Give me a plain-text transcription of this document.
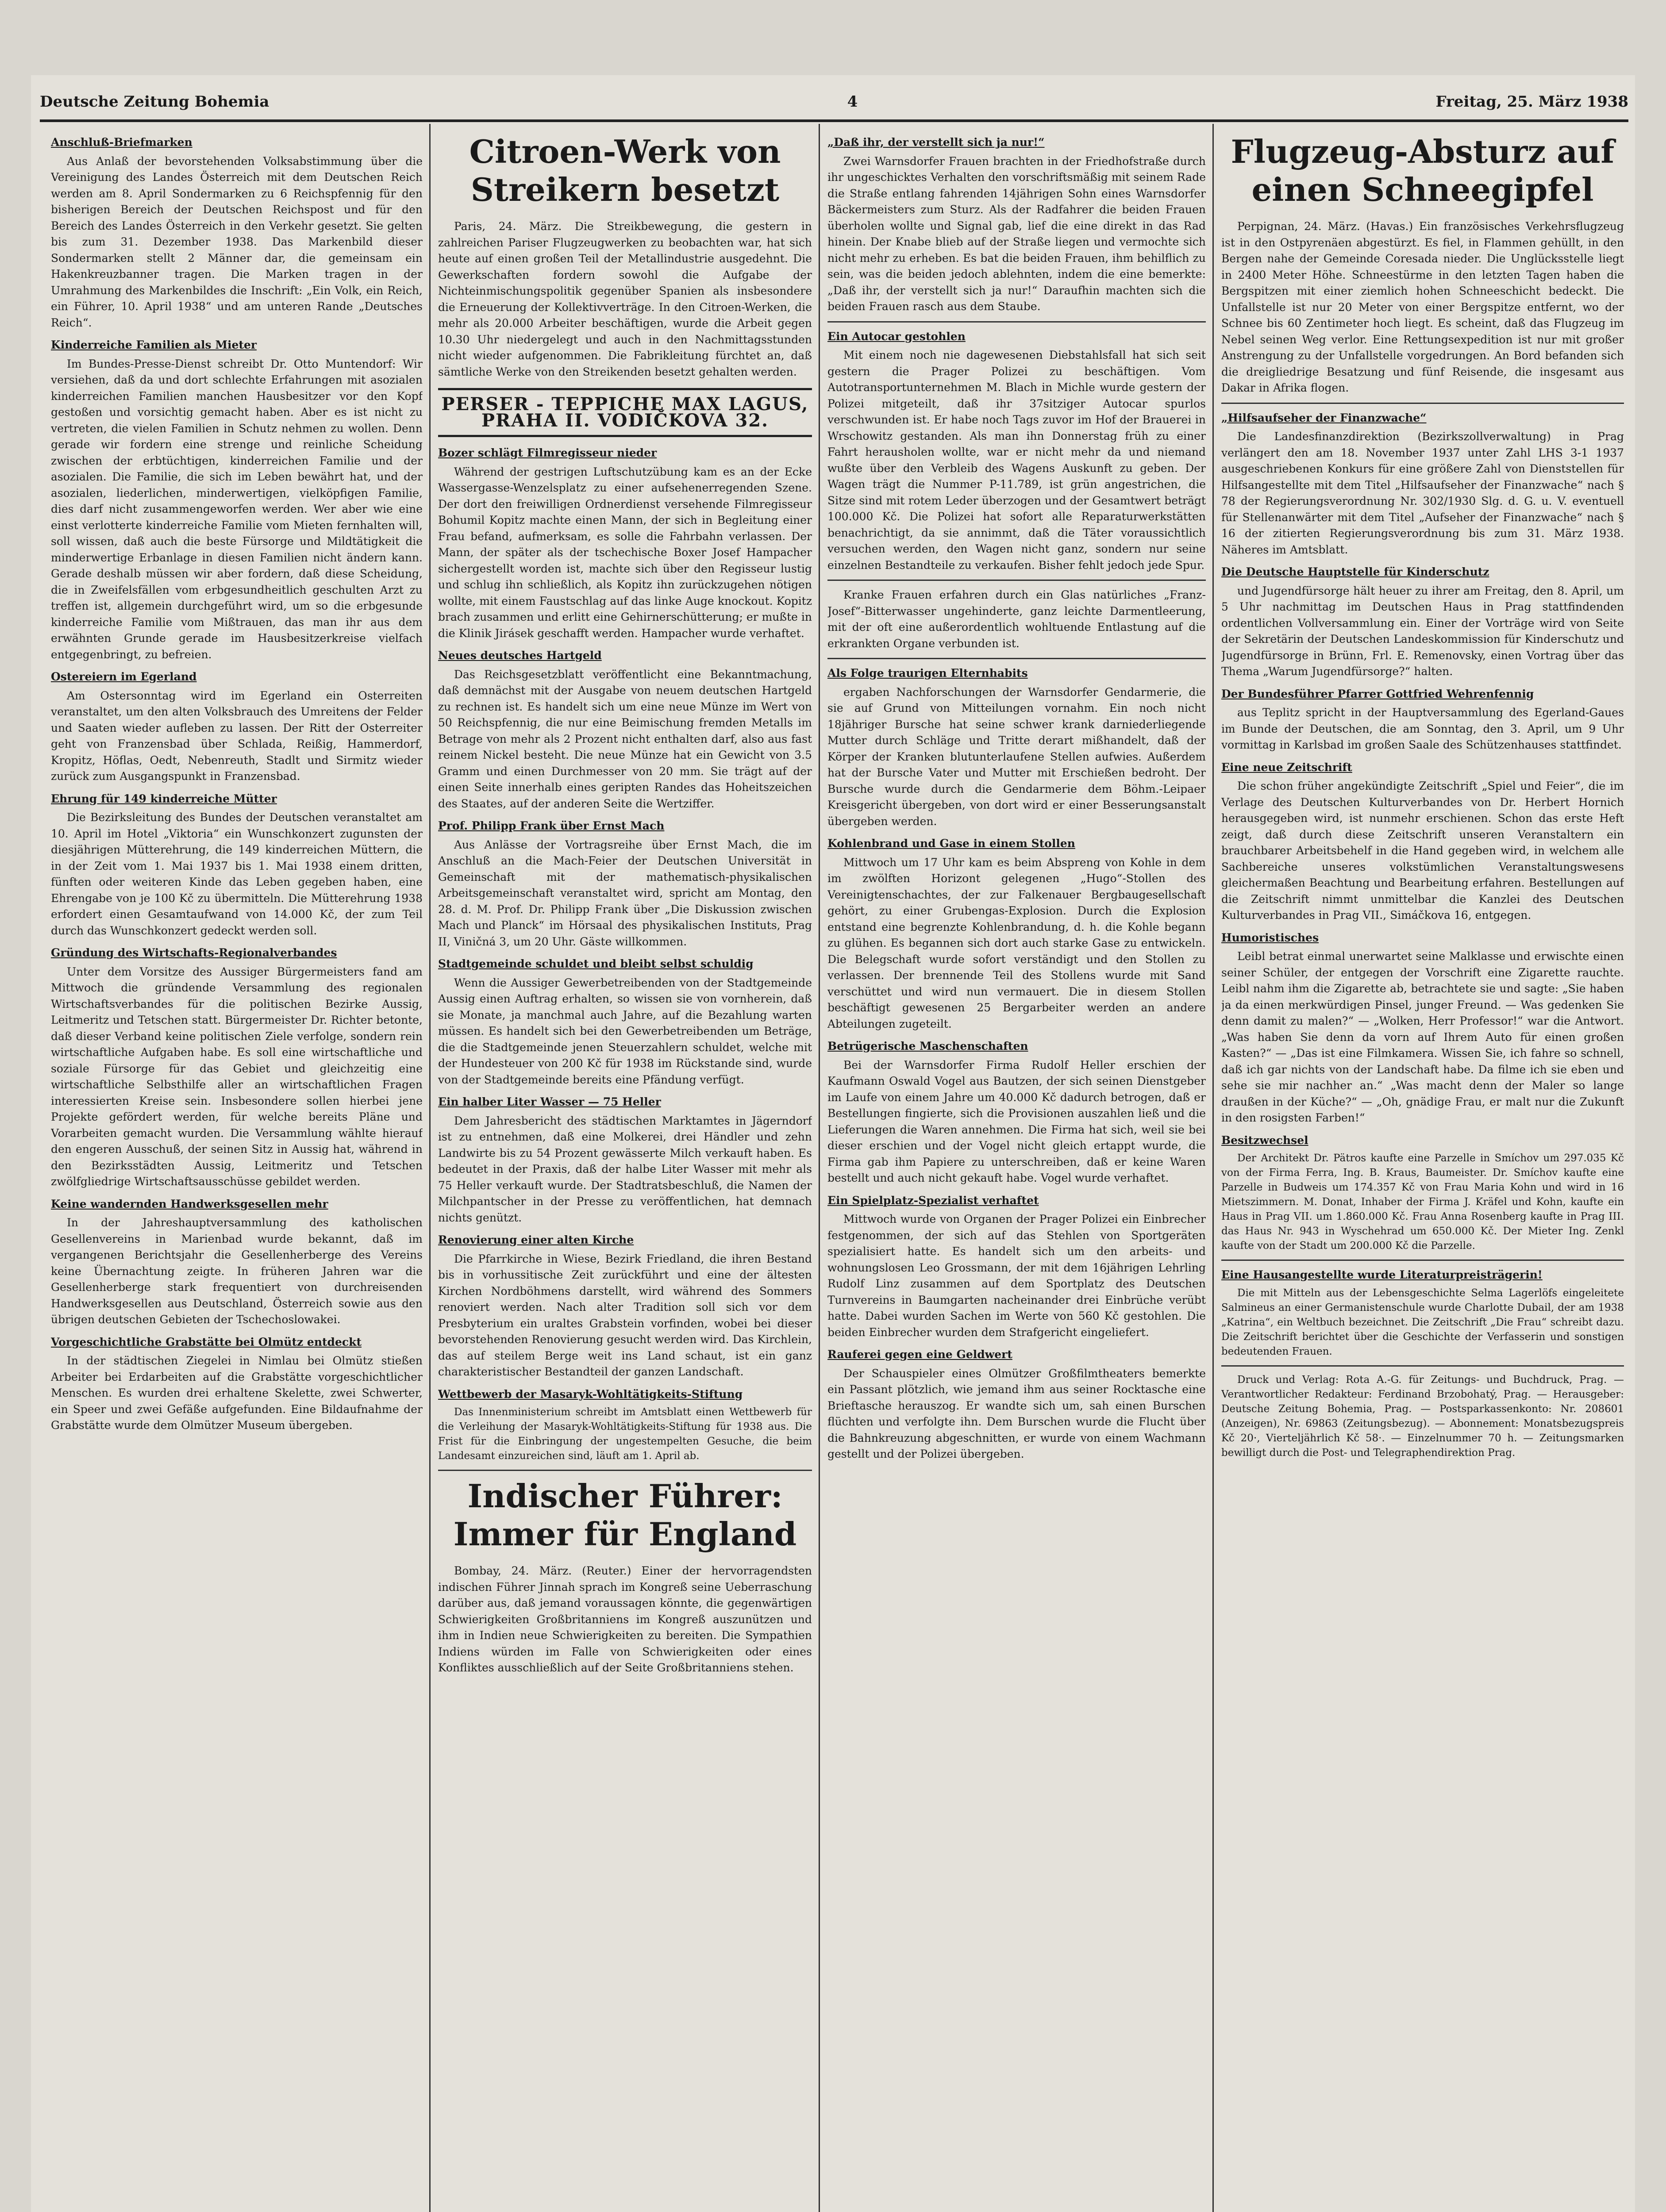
Deutsche Zeitung Bohemia	4	Freitag, 25. März 1938
Anschluß-Briefmarken

Aus Anlaß der bevorstehenden Volksabstimmung über die Vereinigung des Landes Österreich mit dem Deutschen Reich werden am 8. April Sondermarken zu 6 Reichspfennig für den bisherigen Bereich der Deutschen Reichspost und für den Bereich des Landes Österreich in den Verkehr gesetzt. Sie gelten bis zum 31. Dezember 1938. Das Markenbild dieser Sondermarken stellt 2 Männer dar, die gemeinsam ein Hakenkreuzbanner tragen. Die Marken tragen in der Umrahmung des Markenbildes die Inschrift: „Ein Volk, ein Reich, ein Führer, 10. April 1938“ und am unteren Rande „Deutsches Reich“.

Kinderreiche Familien als Mieter

Im Bundes-Presse-Dienst schreibt Dr. Otto Muntendorf: Wir versiehen, daß da und dort schlechte Erfahrungen mit asozialen kinderreichen Familien manchen Hausbesitzer vor den Kopf gestoßen und vorsichtig gemacht haben. Aber es ist nicht zu vertreten, die vielen Familien in Schutz nehmen zu wollen. Denn gerade wir fordern eine strenge und reinliche Scheidung zwischen der erbtüchtigen, kinderreichen Familie und der asozialen. Die Familie, die sich im Leben bewährt hat, und der asozialen, liederlichen, minderwertigen, vielköpfigen Familie, dies darf nicht zusammengeworfen werden. Wer aber wie eine einst verlotterte kinderreiche Familie vom Mieten fernhalten will, soll wissen, daß auch die beste Fürsorge und Mildtätigkeit die minderwertige Erbanlage in diesen Familien nicht ändern kann. Gerade deshalb müssen wir aber fordern, daß diese Scheidung, die in Zweifelsfällen vom erbgesundheitlich geschulten Arzt zu treffen ist, allgemein durchgeführt wird, um so die erbgesunde kinderreiche Familie vom Mißtrauen, das man ihr aus dem erwähnten Grunde gerade im Hausbesitzerkreise vielfach entgegenbringt, zu befreien.

Ostereiern im Egerland

Am Ostersonntag wird im Egerland ein Osterreiten veranstaltet, um den alten Volksbrauch des Umreitens der Felder und Saaten wieder aufleben zu lassen. Der Ritt der Osterreiter geht von Franzensbad über Schlada, Reißig, Hammerdorf, Kropitz, Höflas, Oedt, Nebenreuth, Stadlt und Sirmitz wieder zurück zum Ausgangspunkt in Franzensbad.

Ehrung für 149 kinderreiche Mütter

Die Bezirksleitung des Bundes der Deutschen veranstaltet am 10. April im Hotel „Viktoria“ ein Wunschkonzert zugunsten der diesjährigen Mütterehrung, die 149 kinderreichen Müttern, die in der Zeit vom 1. Mai 1937 bis 1. Mai 1938 einem dritten, fünften oder weiteren Kinde das Leben gegeben haben, eine Ehrengabe von je 100 Kč zu übermitteln. Die Mütterehrung 1938 erfordert einen Gesamtaufwand von 14.000 Kč, der zum Teil durch das Wunschkonzert gedeckt werden soll.

Gründung des Wirtschafts-Regionalverbandes

Unter dem Vorsitze des Aussiger Bürgermeisters fand am Mittwoch die gründende Versammlung des regionalen Wirtschaftsverbandes für die politischen Bezirke Aussig, Leitmeritz und Tetschen statt. Bürgermeister Dr. Richter betonte, daß dieser Verband keine politischen Ziele verfolge, sondern rein wirtschaftliche Aufgaben habe. Es soll eine wirtschaftliche und soziale Fürsorge für das Gebiet und gleichzeitig eine wirtschaftliche Selbsthilfe aller an wirtschaftlichen Fragen interessierten Kreise sein. Insbesondere sollen hierbei jene Projekte gefördert werden, für welche bereits Pläne und Vorarbeiten gemacht wurden. Die Versammlung wählte hierauf den engeren Ausschuß, der seinen Sitz in Aussig hat, während in den Bezirksstädten Aussig, Leitmeritz und Tetschen zwölfgliedrige Wirtschaftsausschüsse gebildet werden.

Keine wandernden Handwerksgesellen mehr

In der Jahreshauptversammlung des katholischen Gesellenvereins in Marienbad wurde bekannt, daß im vergangenen Berichtsjahr die Gesellenherberge des Vereins keine Übernachtung zeigte. In früheren Jahren war die Gesellenherberge stark frequentiert von durchreisenden Handwerksgesellen aus Deutschland, Österreich sowie aus den übrigen deutschen Gebieten der Tschechoslowakei.

Vorgeschichtliche Grabstätte bei Olmütz entdeckt

In der städtischen Ziegelei in Nimlau bei Olmütz stießen Arbeiter bei Erdarbeiten auf die Grabstätte vorgeschichtlicher Menschen. Es wurden drei erhaltene Skelette, zwei Schwerter, ein Speer und zwei Gefäße aufgefunden. Eine Bildaufnahme der Grabstätte wurde dem Olmützer Museum übergeben.

Citroen-Werk von Streikern besetzt

Paris, 24. März. Die Streikbewegung, die gestern in zahlreichen Pariser Flugzeugwerken zu beobachten war, hat sich heute auf einen großen Teil der Metallindustrie ausgedehnt. Die Gewerkschaften fordern sowohl die Aufgabe der Nichteinmischungspolitik gegenüber Spanien als insbesondere die Erneuerung der Kollektivverträge. In den Citroen-Werken, die mehr als 20.000 Arbeiter beschäftigen, wurde die Arbeit gegen 10.30 Uhr niedergelegt und auch in den Nachmittagsstunden nicht wieder aufgenommen. Die Fabrikleitung fürchtet an, daß sämtliche Werke von den Streikenden besetzt gehalten werden.

PERSER - TEPPICHE MAX LAGUS, PRAHA II. VODIČKOVA 32.
Bozer schlägt Filmregisseur nieder

Während der gestrigen Luftschutzübung kam es an der Ecke Wassergasse-Wenzelsplatz zu einer aufsehenerregenden Szene. Der dort den freiwilligen Ordnerdienst versehende Filmregisseur Bohumil Kopitz machte einen Mann, der sich in Begleitung einer Frau befand, aufmerksam, es solle die Fahrbahn verlassen. Der Mann, der später als der tschechische Boxer Josef Hampacher sichergestellt worden ist, machte sich über den Regisseur lustig und schlug ihn schließlich, als Kopitz ihn zurückzugehen nötigen wollte, mit einem Faustschlag auf das linke Auge knockout. Kopitz brach zusammen und erlitt eine Gehirnerschütterung; er mußte in die Klinik Jirásek geschafft werden. Hampacher wurde verhaftet.

Neues deutsches Hartgeld

Das Reichsgesetzblatt veröffentlicht eine Bekanntmachung, daß demnächst mit der Ausgabe von neuem deutschen Hartgeld zu rechnen ist. Es handelt sich um eine neue Münze im Wert von 50 Reichspfennig, die nur eine Beimischung fremden Metalls im Betrage von mehr als 2 Prozent nicht enthalten darf, also aus fast reinem Nickel besteht. Die neue Münze hat ein Gewicht von 3.5 Gramm und einen Durchmesser von 20 mm. Sie trägt auf der einen Seite innerhalb eines geripten Randes das Hoheitszeichen des Staates, auf der anderen Seite die Wertziffer.

Prof. Philipp Frank über Ernst Mach

Aus Anlässe der Vortragsreihe über Ernst Mach, die im Anschluß an die Mach-Feier der Deutschen Universität in Gemeinschaft mit der mathematisch-physikalischen Arbeitsgemeinschaft veranstaltet wird, spricht am Montag, den 28. d. M. Prof. Dr. Philipp Frank über „Die Diskussion zwischen Mach und Planck“ im Hörsaal des physikalischen Instituts, Prag II, Viničná 3, um 20 Uhr. Gäste willkommen.

Stadtgemeinde schuldet und bleibt selbst schuldig

Wenn die Aussiger Gewerbetreibenden von der Stadtgemeinde Aussig einen Auftrag erhalten, so wissen sie von vornherein, daß sie Monate, ja manchmal auch Jahre, auf die Bezahlung warten müssen. Es handelt sich bei den Gewerbetreibenden um Beträge, die die Stadtgemeinde jenen Steuerzahlern schuldet, welche mit der Hundesteuer von 200 Kč für 1938 im Rückstande sind, wurde von der Stadtgemeinde bereits eine Pfändung verfügt.

Ein halber Liter Wasser — 75 Heller

Dem Jahresbericht des städtischen Marktamtes in Jägerndorf ist zu entnehmen, daß eine Molkerei, drei Händler und zehn Landwirte bis zu 54 Prozent gewässerte Milch verkauft haben. Es bedeutet in der Praxis, daß der halbe Liter Wasser mit mehr als 75 Heller verkauft wurde. Der Stadtratsbeschluß, die Namen der Milchpantscher in der Presse zu veröffentlichen, hat demnach nichts genützt.

Renovierung einer alten Kirche

Die Pfarrkirche in Wiese, Bezirk Friedland, die ihren Bestand bis in vorhussitische Zeit zurückführt und eine der ältesten Kirchen Nordböhmens darstellt, wird während des Sommers renoviert werden. Nach alter Tradition soll sich vor dem Presbyterium ein uraltes Grabstein vorfinden, wobei bei dieser bevorstehenden Renovierung gesucht werden wird. Das Kirchlein, das auf steilem Berge weit ins Land schaut, ist ein ganz charakteristischer Bestandteil der ganzen Landschaft.

Wettbewerb der Masaryk-Wohltätigkeits-Stiftung

Das Innenministerium schreibt im Amtsblatt einen Wettbewerb für die Verleihung der Masaryk-Wohltätigkeits-Stiftung für 1938 aus. Die Frist für die Einbringung der ungestempelten Gesuche, die beim Landesamt einzureichen sind, läuft am 1. April ab.

Indischer Führer: Immer für England

Bombay, 24. März. (Reuter.) Einer der hervorragendsten indischen Führer Jinnah sprach im Kongreß seine Ueberraschung darüber aus, daß jemand voraussagen könnte, die gegenwärtigen Schwierigkeiten Großbritanniens im Kongreß auszunützen und ihm in Indien neue Schwierigkeiten zu bereiten. Die Sympathien Indiens würden im Falle von Schwierigkeiten oder eines Konfliktes ausschließlich auf der Seite Großbritanniens stehen.

„Daß ihr, der verstellt sich ja nur!“

Zwei Warnsdorfer Frauen brachten in der Friedhofstraße durch ihr ungeschicktes Verhalten den vorschriftsmäßig mit seinem Rade die Straße entlang fahrenden 14jährigen Sohn eines Warnsdorfer Bäckermeisters zum Sturz. Als der Radfahrer die beiden Frauen überholen wollte und Signal gab, lief die eine direkt in das Rad hinein. Der Knabe blieb auf der Straße liegen und vermochte sich nicht mehr zu erheben. Es bat die beiden Frauen, ihm behilflich zu sein, was die beiden jedoch ablehnten, indem die eine bemerkte: „Daß ihr, der verstellt sich ja nur!“ Daraufhin machten sich die beiden Frauen rasch aus dem Staube.

Ein Autocar gestohlen

Mit einem noch nie dagewesenen Diebstahlsfall hat sich seit gestern die Prager Polizei zu beschäftigen. Vom Autotransportunternehmen M. Blach in Michle wurde gestern der Polizei mitgeteilt, daß ihr 37sitziger Autocar spurlos verschwunden ist. Er habe noch Tags zuvor im Hof der Brauerei in Wrschowitz gestanden. Als man ihn Donnerstag früh zu einer Fahrt herausholen wollte, war er nicht mehr da und niemand wußte über den Verbleib des Wagens Auskunft zu geben. Der Wagen trägt die Nummer P-11.789, ist grün angestrichen, die Sitze sind mit rotem Leder überzogen und der Gesamtwert beträgt 100.000 Kč. Die Polizei hat sofort alle Reparaturwerkstätten benachrichtigt, da sie annimmt, daß die Täter voraussichtlich versuchen werden, den Wagen nicht ganz, sondern nur seine einzelnen Bestandteile zu verkaufen. Bisher fehlt jedoch jede Spur.

Kranke Frauen erfahren durch ein Glas natürliches „Franz-Josef“-Bitterwasser ungehinderte, ganz leichte Darmentleerung, mit der oft eine außerordentlich wohltuende Entlastung auf die erkrankten Organe verbunden ist.

Als Folge traurigen Elternhabits

ergaben Nachforschungen der Warnsdorfer Gendarmerie, die sie auf Grund von Mitteilungen vornahm. Ein noch nicht 18jähriger Bursche hat seine schwer krank darniederliegende Mutter durch Schläge und Tritte derart mißhandelt, daß der Körper der Kranken blutunterlaufene Stellen aufwies. Außerdem hat der Bursche Vater und Mutter mit Erschießen bedroht. Der Bursche wurde durch die Gendarmerie dem Böhm.-Leipaer Kreisgericht übergeben, von dort wird er einer Besserungsanstalt übergeben werden.

Kohlenbrand und Gase in einem Stollen

Mittwoch um 17 Uhr kam es beim Abspreng von Kohle in dem im zwölften Horizont gelegenen „Hugo“-Stollen des Vereinigtenschachtes, der zur Falkenauer Bergbaugesellschaft gehört, zu einer Grubengas-Explosion. Durch die Explosion entstand eine begrenzte Kohlenbrandung, d. h. die Kohle begann zu glühen. Es begannen sich dort auch starke Gase zu entwickeln. Die Belegschaft wurde sofort verständigt und den Stollen zu verlassen. Der brennende Teil des Stollens wurde mit Sand verschüttet und wird nun vermauert. Die in diesem Stollen beschäftigt gewesenen 25 Bergarbeiter werden an andere Abteilungen zugeteilt.

Betrügerische Maschenschaften

Bei der Warnsdorfer Firma Rudolf Heller erschien der Kaufmann Oswald Vogel aus Bautzen, der sich seinen Dienstgeber im Laufe von einem Jahre um 40.000 Kč dadurch betrogen, daß er Bestellungen fingierte, sich die Provisionen auszahlen ließ und die Lieferungen die Waren annehmen. Die Firma hat sich, weil sie bei dieser erschien und der Vogel nicht gleich ertappt wurde, die Firma gab ihm Papiere zu unterschreiben, daß er keine Waren bestellt und auch nicht gekauft habe. Vogel wurde verhaftet.

Ein Spielplatz-Spezialist verhaftet

Mittwoch wurde von Organen der Prager Polizei ein Einbrecher festgenommen, der sich auf das Stehlen von Sportgeräten spezialisiert hatte. Es handelt sich um den arbeits- und wohnungslosen Leo Grossmann, der mit dem 16jährigen Lehrling Rudolf Linz zusammen auf dem Sportplatz des Deutschen Turnvereins in Baumgarten nacheinander drei Einbrüche verübt hatte. Dabei wurden Sachen im Werte von 560 Kč gestohlen. Die beiden Einbrecher wurden dem Strafgericht eingeliefert.

Rauferei gegen eine Geldwert

Der Schauspieler eines Olmützer Großfilmtheaters bemerkte ein Passant plötzlich, wie jemand ihm aus seiner Rocktasche eine Brieftasche herauszog. Er wandte sich um, sah einen Burschen flüchten und verfolgte ihn. Dem Burschen wurde die Flucht über die Bahnkreuzung abgeschnitten, er wurde von einem Wachmann gestellt und der Polizei übergeben.

Flugzeug-Absturz auf einen Schneegipfel

Perpignan, 24. März. (Havas.) Ein französisches Verkehrsflugzeug ist in den Ostpyrenäen abgestürzt. Es fiel, in Flammen gehüllt, in den Bergen nahe der Gemeinde Coresada nieder. Die Unglücksstelle liegt in 2400 Meter Höhe. Schneestürme in den letzten Tagen haben die Bergspitzen mit einer ziemlich hohen Schneeschicht bedeckt. Die Unfallstelle ist nur 20 Meter von einer Bergspitze entfernt, wo der Schnee bis 60 Zentimeter hoch liegt. Es scheint, daß das Flugzeug im Nebel seinen Weg verlor. Eine Rettungsexpedition ist nur mit großer Anstrengung zu der Unfallstelle vorgedrungen. An Bord befanden sich die dreigliedrige Besatzung und fünf Reisende, die insgesamt aus Dakar in Afrika flogen.

„Hilfsaufseher der Finanzwache“

Die Landesfinanzdirektion (Bezirkszollverwaltung) in Prag verlängert den am 18. November 1937 unter Zahl LHS 3-1 1937 ausgeschriebenen Konkurs für eine größere Zahl von Dienststellen für Hilfsangestellte mit dem Titel „Hilfsaufseher der Finanzwache“ nach § 78 der Regierungsverordnung Nr. 302/1930 Slg. d. G. u. V. eventuell für Stellenanwärter mit dem Titel „Aufseher der Finanzwache“ nach § 16 der zitierten Regierungsverordnung bis zum 31. März 1938. Näheres im Amtsblatt.

Die Deutsche Hauptstelle für Kinderschutz

und Jugendfürsorge hält heuer zu ihrer am Freitag, den 8. April, um 5 Uhr nachmittag im Deutschen Haus in Prag stattfindenden ordentlichen Vollversammlung ein. Einer der Vorträge wird von Seite der Sekretärin der Deutschen Landeskommission für Kinderschutz und Jugendfürsorge in Brünn, Frl. E. Remenovsky, einen Vortrag über das Thema „Warum Jugendfürsorge?“ halten.

Der Bundesführer Pfarrer Gottfried Wehrenfennig

aus Teplitz spricht in der Hauptversammlung des Egerland-Gaues im Bunde der Deutschen, die am Sonntag, den 3. April, um 9 Uhr vormittag in Karlsbad im großen Saale des Schützenhauses stattfindet.

Eine neue Zeitschrift

Die schon früher angekündigte Zeitschrift „Spiel und Feier“, die im Verlage des Deutschen Kulturverbandes von Dr. Herbert Hornich herausgegeben wird, ist nunmehr erschienen. Schon das erste Heft zeigt, daß durch diese Zeitschrift unseren Veranstaltern ein brauchbarer Arbeitsbehelf in die Hand gegeben wird, in welchem alle Sachbereiche unseres volkstümlichen Veranstaltungswesens gleichermaßen Beachtung und Bearbeitung erfahren. Bestellungen auf die Zeitschrift nimmt unmittelbar die Kanzlei des Deutschen Kulturverbandes in Prag VII., Simáčkova 16, entgegen.

Humoristisches

Leibl betrat einmal unerwartet seine Malklasse und erwischte einen seiner Schüler, der entgegen der Vorschrift eine Zigarette rauchte. Leibl nahm ihm die Zigarette ab, betrachtete sie und sagte: „Sie haben ja da einen merkwürdigen Pinsel, junger Freund. — Was gedenken Sie denn damit zu malen?“ — „Wolken, Herr Professor!“ war die Antwort. „Was haben Sie denn da vorn auf Ihrem Auto für einen großen Kasten?“ — „Das ist eine Filmkamera. Wissen Sie, ich fahre so schnell, daß ich gar nichts von der Landschaft habe. Da filme ich sie eben und sehe sie mir nachher an.“ „Was macht denn der Maler so lange draußen in der Küche?“ — „Oh, gnädige Frau, er malt nur die Zukunft in den rosigsten Farben!“

Besitzwechsel

Der Architekt Dr. Pätros kaufte eine Parzelle in Smíchov um 297.035 Kč von der Firma Ferra, Ing. B. Kraus, Baumeister. Dr. Smíchov kaufte eine Parzelle in Budweis um 174.357 Kč von Frau Maria Kohn und wird in 16 Mietszimmern. M. Donat, Inhaber der Firma J. Kräfel und Kohn, kaufte ein Haus in Prag VII. um 1.860.000 Kč. Frau Anna Rosenberg kaufte in Prag III. das Haus Nr. 943 in Wyschehrad um 650.000 Kč. Der Mieter Ing. Zenkl kaufte von der Stadt um 200.000 Kč die Parzelle.

Eine Hausangestellte wurde Literaturpreisträgerin!

Die mit Mitteln aus der Lebensgeschichte Selma Lagerlöfs eingeleitete Salmineus an einer Germanistenschule wurde Charlotte Dubail, der am 1938 „Katrina“, ein Weltbuch bezeichnet. Die Zeitschrift „Die Frau“ schreibt dazu. Die Zeitschrift berichtet über die Geschichte der Verfasserin und sonstigen bedeutenden Frauen.

Druck und Verlag: Rota A.-G. für Zeitungs- und Buchdruck, Prag. — Verantwortlicher Redakteur: Ferdinand Brzobohatý, Prag. — Herausgeber: Deutsche Zeitung Bohemia, Prag. — Postsparkassenkonto: Nr. 208601 (Anzeigen), Nr. 69863 (Zeitungsbezug). — Abonnement: Monatsbezugspreis Kč 20·, Vierteljährlich Kč 58·. — Einzelnummer 70 h. — Zeitungsmarken bewilligt durch die Post- und Telegraphendirektion Prag.
